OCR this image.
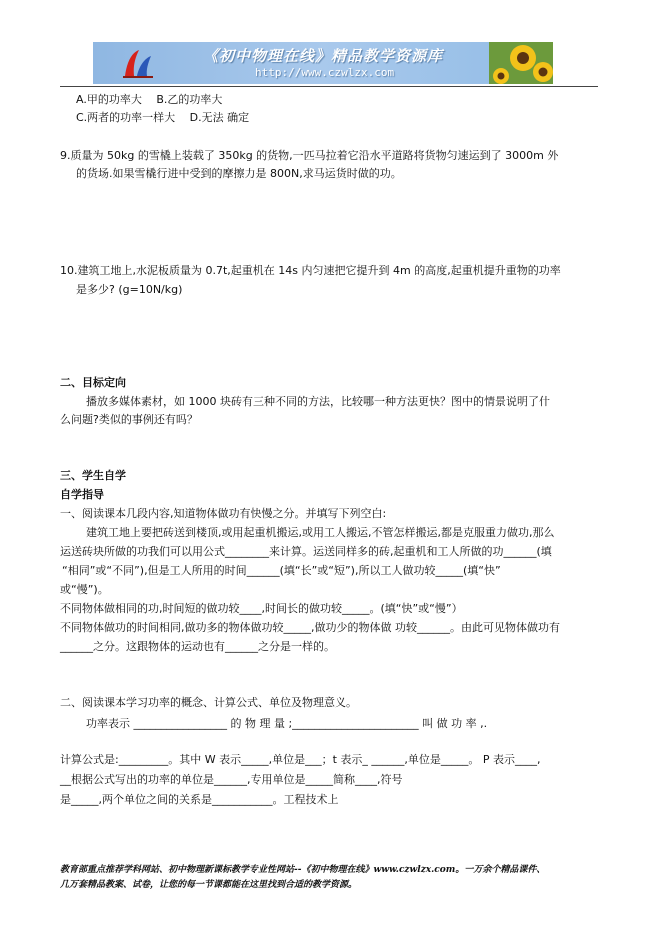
《初中物理在线》精品教学资源库
http://www.czwlzx.com
A.甲的功率大　 B.乙的功率大
C.两者的功率一样大　 D.无法 确定
9.质量为 50kg 的雪橇上装载了 350kg 的货物,一匹马拉着它沿水平道路将货物匀速运到了 3000m 外
的货场.如果雪橇行进中受到的摩擦力是 800N,求马运货时做的功。
10.建筑工地上,水泥板质量为 0.7t,起重机在 14s 内匀速把它提升到 4m 的高度,起重机提升重物的功率
是多少? (g=10N/kg)
二、目标定向
播放多媒体素材，如 1000 块砖有三种不同的方法，比较哪一种方法更快？图中的情景说明了什
么问题?类似的事例还有吗？
三、学生自学
自学指导
一、阅读课本几段内容,知道物体做功有快慢之分。并填写下列空白:
建筑工地上要把砖送到楼顶,或用起重机搬运,或用工人搬运,不管怎样搬运,都是克服重力做功,那么
运送砖块所做的功我们可以用公式________来计算。运送同样多的砖,起重机和工人所做的功______(填
“相同”或“不同”),但是工人所用的时间______(填“长”或“短”),所以工人做功较_____(填“快”
或“慢”)。
不同物体做相同的功,时间短的做功较____,时间长的做功较_____。(填“快”或“慢”）
不同物体做功的时间相同,做功多的物体做功较_____,做功少的物体做 功较______。由此可见物体做功有
______之分。这跟物体的运动也有______之分是一样的。
二、阅读课本学习功率的概念、计算公式、单位及物理意义。
功率表示 _________________ 的 物 理 量 ;_______________________ 叫 做 功 率 ,.
计算公式是:_________。其中 W 表示_____,单位是___；t 表示_ ______,单位是_____。 P 表示____,
__根据公式写出的功率的单位是______,专用单位是_____简称____,符号
是_____,两个单位之间的关系是___________。工程技术上
教育部重点推荐学科网站、初中物理新课标教学专业性网站--《初中物理在线》www.czwlzx.com。一万余个精品课件、
几万套精品教案、试卷，让您的每一节课都能在这里找到合适的教学资源。
